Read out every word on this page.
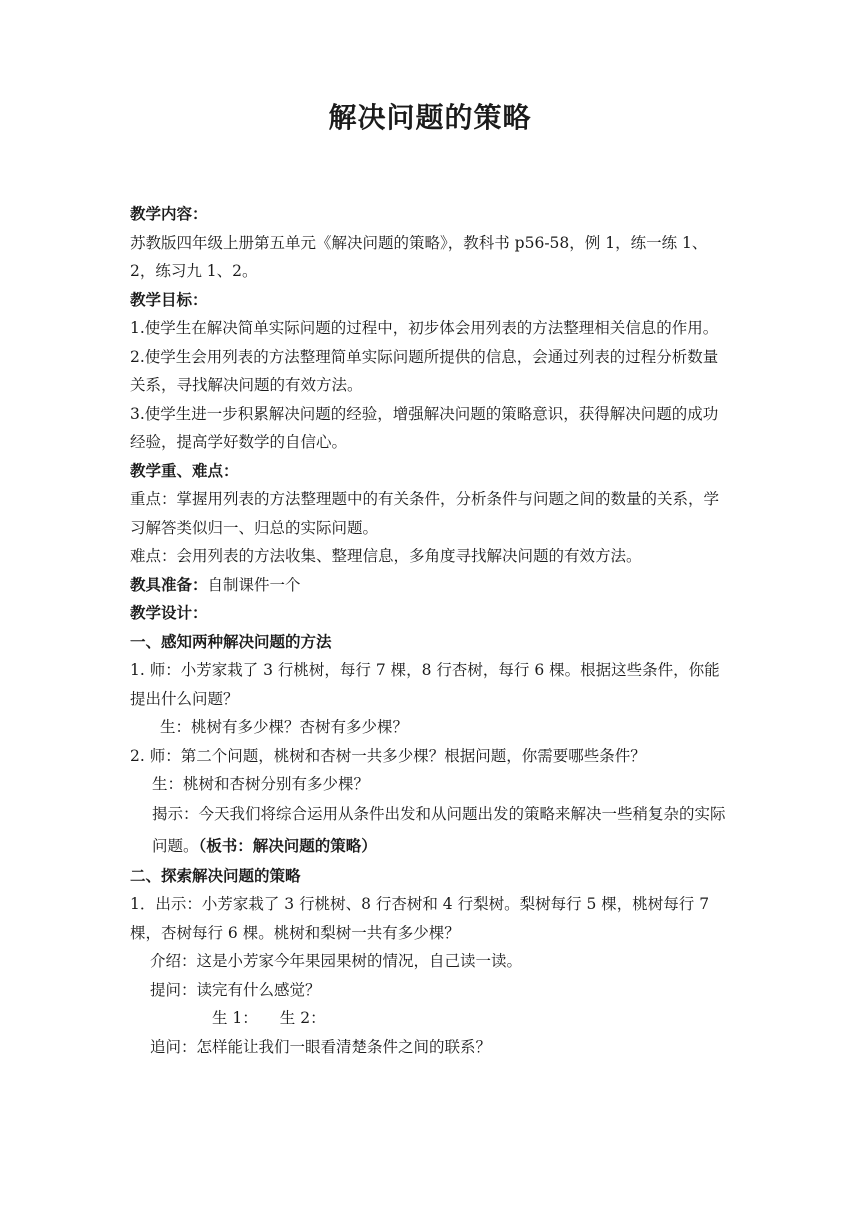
解决问题的策略

教学内容：

苏教版四年级上册第五单元《解决问题的策略》，教科书 p56-58，例 1，练一练 1、2，练习九 1、2。

教学目标：

1.使学生在解决简单实际问题的过程中，初步体会用列表的方法整理相关信息的作用。

2.使学生会用列表的方法整理简单实际问题所提供的信息，会通过列表的过程分析数量关系，寻找解决问题的有效方法。

3.使学生进一步积累解决问题的经验，增强解决问题的策略意识，获得解决问题的成功经验，提高学好数学的自信心。

教学重、难点：

重点：掌握用列表的方法整理题中的有关条件，分析条件与问题之间的数量的关系，学习解答类似归一、归总的实际问题。

难点：会用列表的方法收集、整理信息，多角度寻找解决问题的有效方法。

教具准备：自制课件一个

教学设计：

一、感知两种解决问题的方法

1. 师：小芳家栽了 3 行桃树，每行 7 棵，8 行杏树，每行 6 棵。根据这些条件，你能提出什么问题？

生：桃树有多少棵？杏树有多少棵？

2. 师：第二个问题，桃树和杏树一共多少棵？根据问题，你需要哪些条件？

生：桃树和杏树分别有多少棵？

揭示：今天我们将综合运用从条件出发和从问题出发的策略来解决一些稍复杂的实际问题。（板书：解决问题的策略）

二、探索解决问题的策略

1．出示：小芳家栽了 3 行桃树、8 行杏树和 4 行梨树。梨树每行 5 棵，桃树每行 7 棵，杏树每行 6 棵。桃树和梨树一共有多少棵？

介绍：这是小芳家今年果园果树的情况，自己读一读。

提问：读完有什么感觉？

生 1： 生 2：

追问：怎样能让我们一眼看清楚条件之间的联系？
